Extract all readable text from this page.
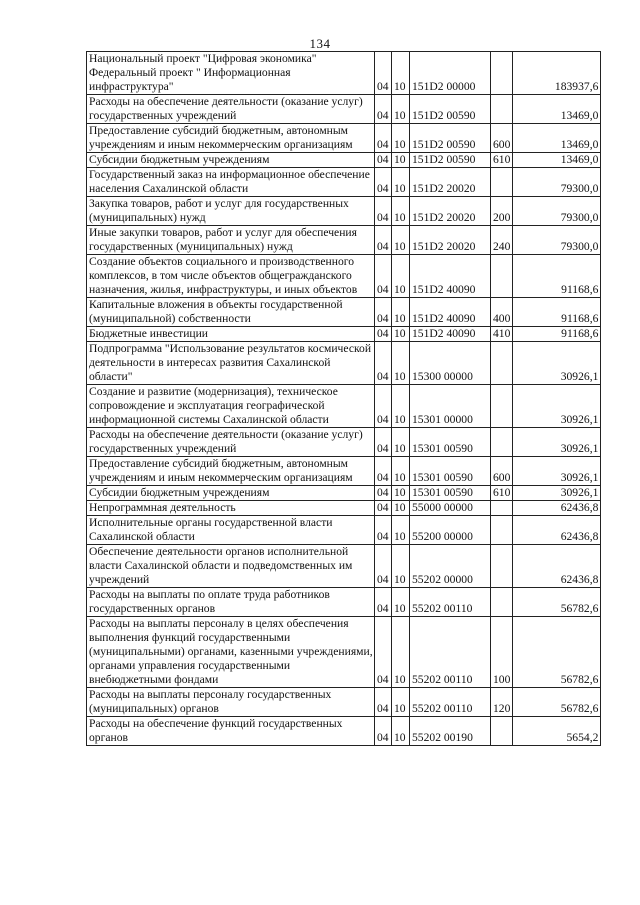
134
Национальный проект "Цифровая экономика" Федеральный проект " Информационная инфраструктура"	04	10	151D2 00000		183937,6
Расходы на обеспечение деятельности (оказание услуг) государственных учреждений	04	10	151D2 00590		13469,0
Предоставление субсидий бюджетным, автономным учреждениям и иным некоммерческим организациям	04	10	151D2 00590	600	13469,0
Субсидии бюджетным учреждениям	04	10	151D2 00590	610	13469,0
Государственный заказ на информационное обеспечение населения Сахалинской области	04	10	151D2 20020		79300,0
Закупка товаров, работ и услуг для государственных (муниципальных) нужд	04	10	151D2 20020	200	79300,0
Иные закупки товаров, работ и услуг для обеспечения государственных (муниципальных) нужд	04	10	151D2 20020	240	79300,0
Создание объектов социального и производственного комплексов, в том числе объектов общегражданского назначения, жилья, инфраструктуры, и иных объектов	04	10	151D2 40090		91168,6
Капитальные вложения в объекты государственной (муниципальной) собственности	04	10	151D2 40090	400	91168,6
Бюджетные инвестиции	04	10	151D2 40090	410	91168,6
Подпрограмма "Использование результатов космической деятельности в интересах развития Сахалинской области"	04	10	15300 00000		30926,1
Создание и развитие (модернизация), техническое сопровождение и эксплуатация географической информационной системы Сахалинской области	04	10	15301 00000		30926,1
Расходы на обеспечение деятельности (оказание услуг) государственных учреждений	04	10	15301 00590		30926,1
Предоставление субсидий бюджетным, автономным учреждениям и иным некоммерческим организациям	04	10	15301 00590	600	30926,1
Субсидии бюджетным учреждениям	04	10	15301 00590	610	30926,1
Непрограммная деятельность	04	10	55000 00000		62436,8
Исполнительные органы государственной власти Сахалинской области	04	10	55200 00000		62436,8
Обеспечение деятельности органов исполнительной власти Сахалинской области и подведомственных им учреждений	04	10	55202 00000		62436,8
Расходы на выплаты по оплате труда работников государственных органов	04	10	55202 00110		56782,6
Расходы на выплаты персоналу в целях обеспечения выполнения функций государственными (муниципальными) органами, казенными учреждениями, органами управления государственными внебюджетными фондами	04	10	55202 00110	100	56782,6
Расходы на выплаты персоналу государственных (муниципальных) органов	04	10	55202 00110	120	56782,6
Расходы на обеспечение функций государственных органов	04	10	55202 00190		5654,2
